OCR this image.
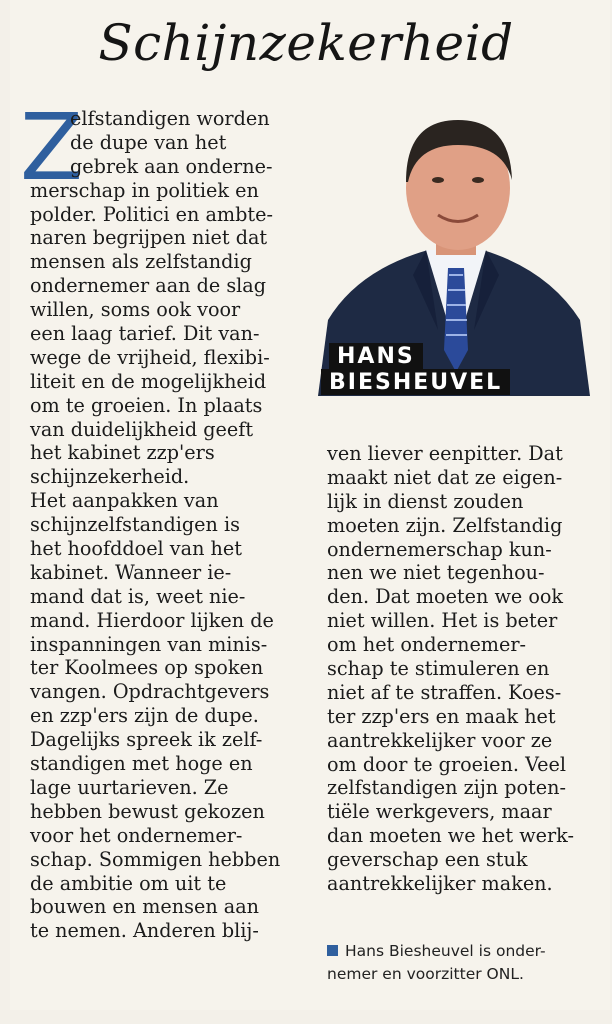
Schijnzekerheid
Z
elfstandigen worden
de dupe van het
gebrek aan onderne-
merschap in politiek en
polder. Politici en ambte-
naren begrijpen niet dat
mensen als zelfstandig
ondernemer aan de slag
willen, soms ook voor
een laag tarief. Dit van-
wege de vrijheid, flexibi-
liteit en de mogelijkheid
om te groeien. In plaats
van duidelijkheid geeft
het kabinet zzp'ers
schijnzekerheid.
Het aanpakken van
schijnzelfstandigen is
het hoofddoel van het
kabinet. Wanneer ie-
mand dat is, weet nie-
mand. Hierdoor lijken de
inspanningen van minis-
ter Koolmees op spoken
vangen. Opdrachtgevers
en zzp'ers zijn de dupe.
Dagelijks spreek ik zelf-
standigen met hoge en
lage uurtarieven. Ze
hebben bewust gekozen
voor het ondernemer-
schap. Sommigen hebben
de ambitie om uit te
bouwen en mensen aan
te nemen. Anderen blij-
ven liever eenpitter. Dat
maakt niet dat ze eigen-
lijk in dienst zouden
moeten zijn. Zelfstandig
ondernemerschap kun-
nen we niet tegenhou-
den. Dat moeten we ook
niet willen. Het is beter
om het ondernemer-
schap te stimuleren en
niet af te straffen. Koes-
ter zzp'ers en maak het
aantrekkelijker voor ze
om door te groeien. Veel
zelfstandigen zijn poten-
tiële werkgevers, maar
dan moeten we het werk-
geverschap een stuk
aantrekkelijker maken.
HANS
BIESHEUVEL
Hans Biesheuvel is onder-
nemer en voorzitter ONL.
